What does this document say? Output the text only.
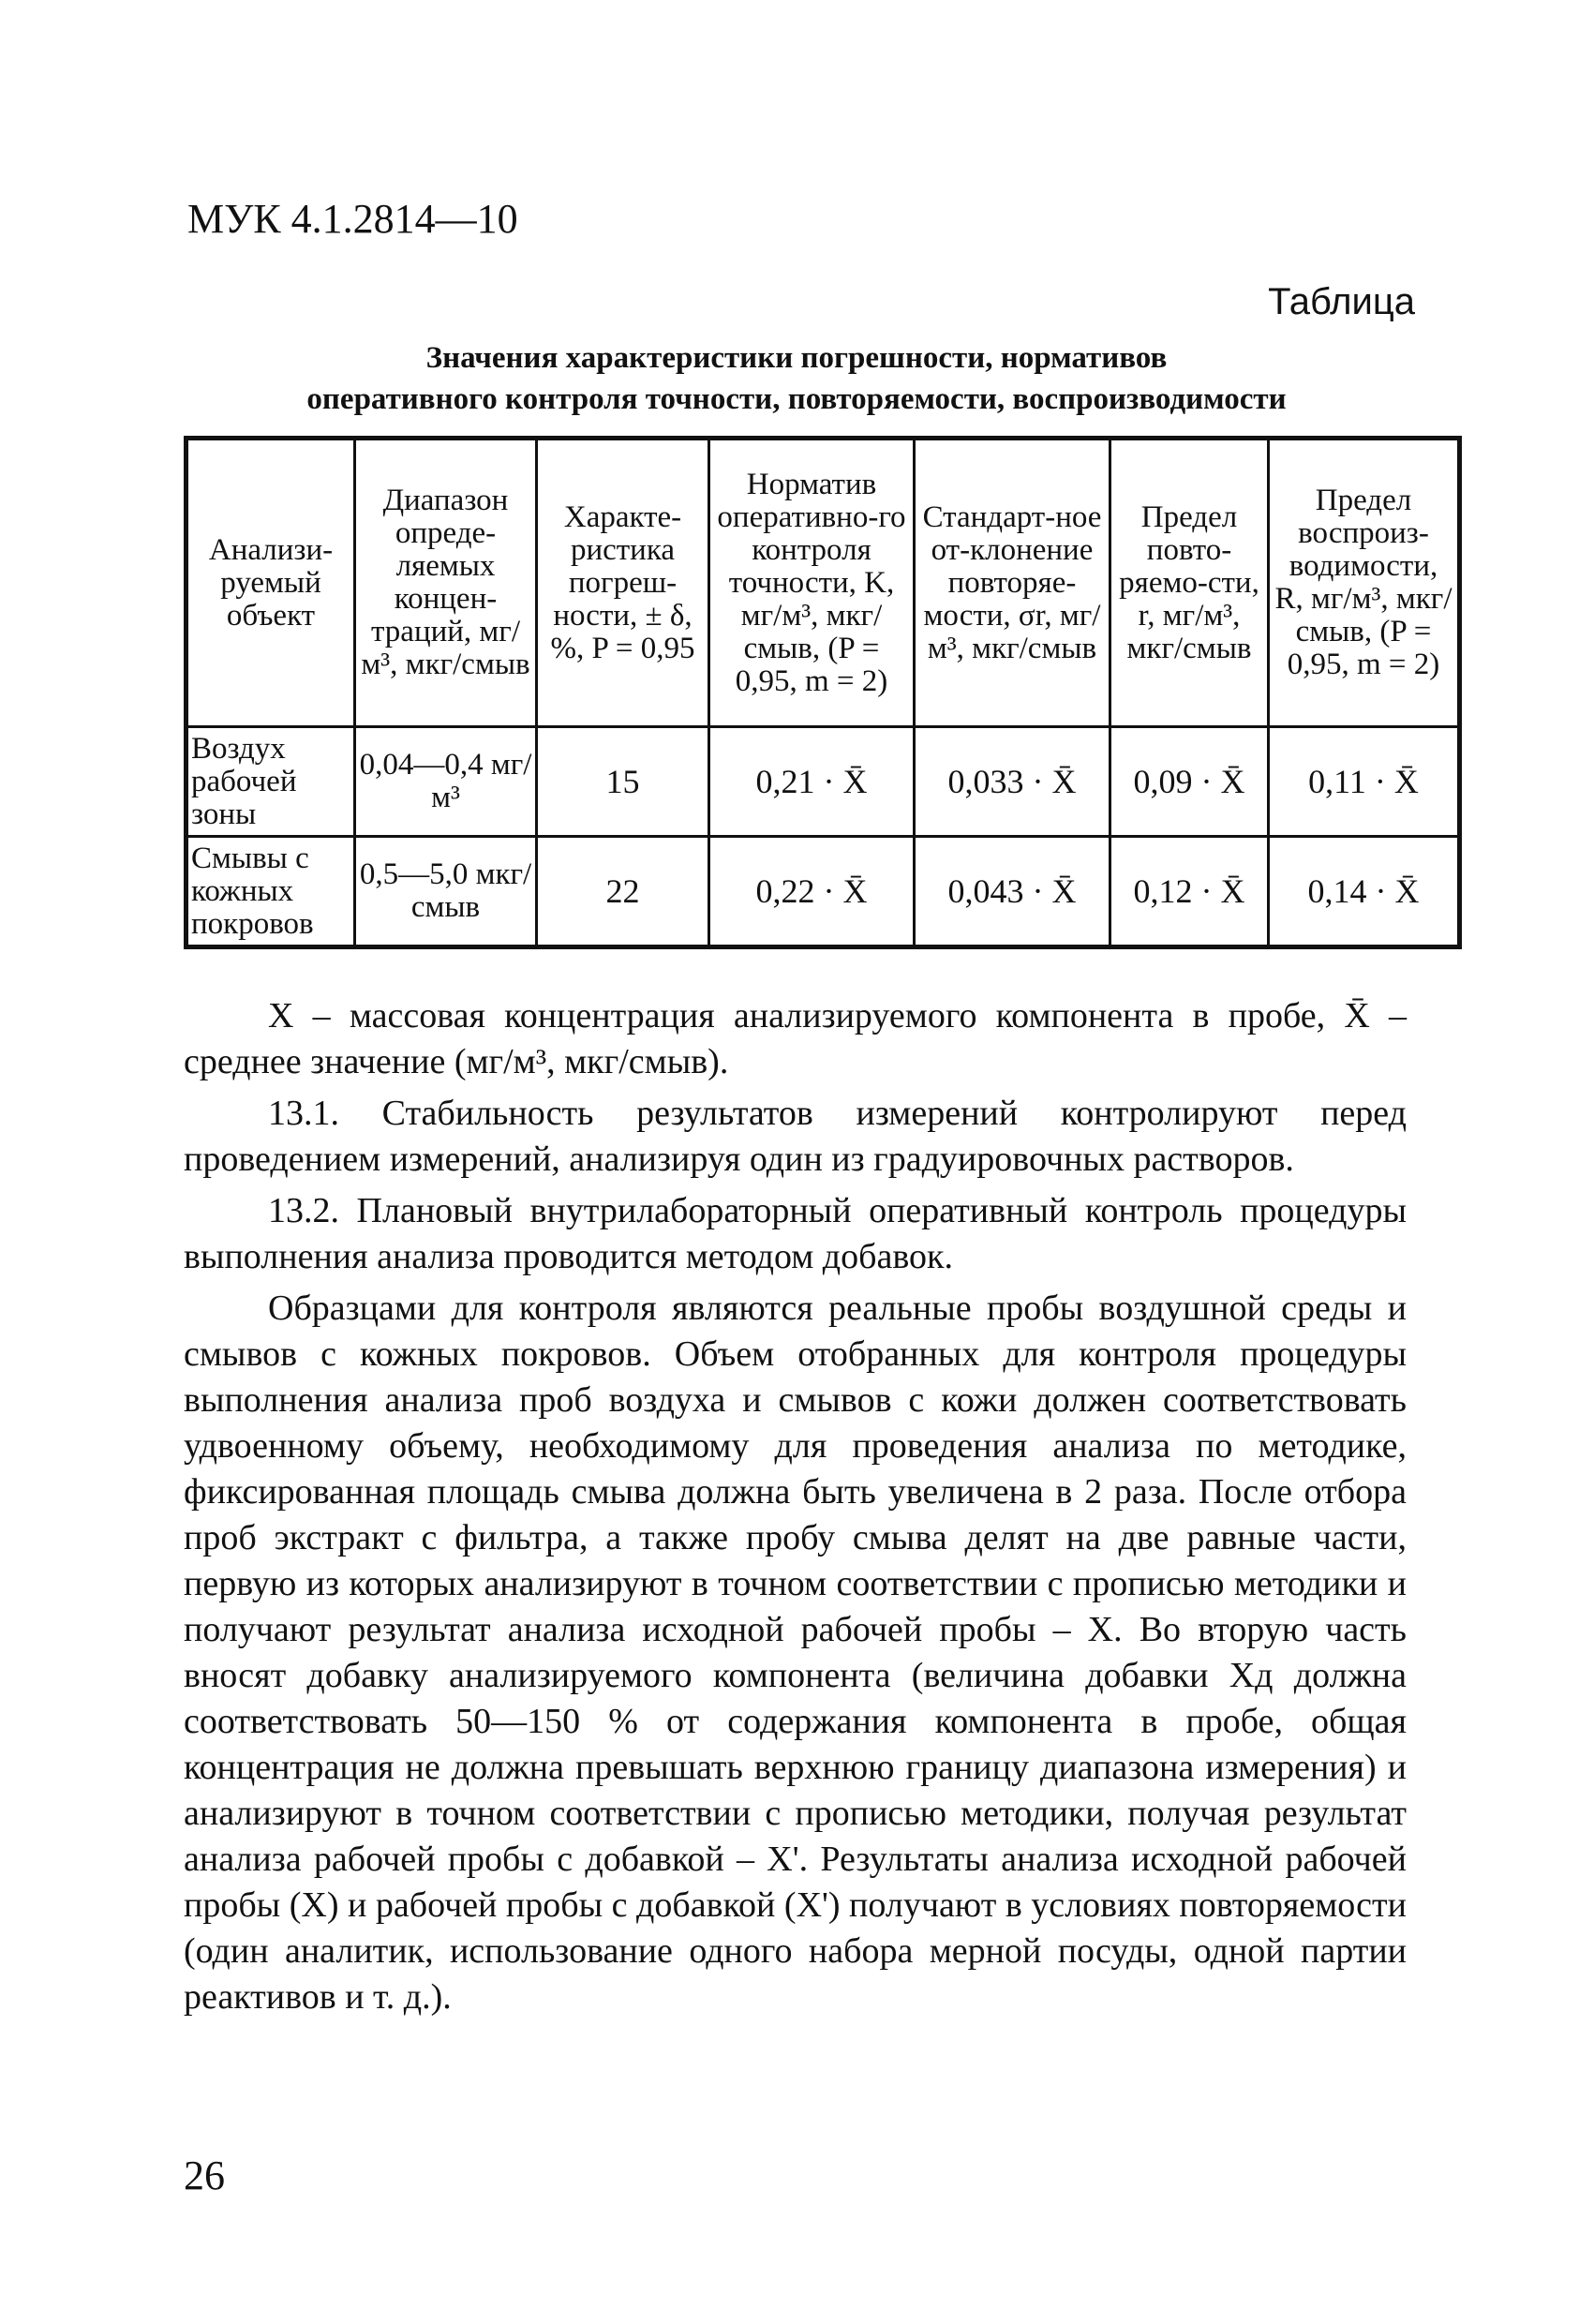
МУК 4.1.2814—10
Таблица
Значения характеристики погрешности, нормативов
оперативного контроля точности, повторяемости, воспроизводимости
Анализи-руемый объект	Диапазон опреде-ляемых концен-траций, мг/м³, мкг/смыв	Характе-ристика погреш-ности, ± δ, %, P = 0,95	Норматив оперативно-го контроля точности, K, мг/м³, мкг/смыв, (P = 0,95, m = 2)	Стандарт-ное от-клонение повторяе-мости, σr, мг/м³, мкг/смыв	Предел повто-ряемо-сти, r, мг/м³, мкг/смыв	Предел воспроиз-водимости, R, мг/м³, мкг/смыв, (P = 0,95, m = 2)
Воздух рабочей зоны	0,04—0,4 мг/м³	15	0,21 · X̄	0,033 · X̄	0,09 · X̄	0,11 · X̄
Смывы с кожных покровов	0,5—5,0 мкг/смыв	22	0,22 · X̄	0,043 · X̄	0,12 · X̄	0,14 · X̄

X – массовая концентрация анализируемого компонента в пробе, X̄ – среднее значение (мг/м³, мкг/смыв).

13.1. Стабильность результатов измерений контролируют перед проведением измерений, анализируя один из градуировочных растворов.

13.2. Плановый внутрилабораторный оперативный контроль процедуры выполнения анализа проводится методом добавок.

Образцами для контроля являются реальные пробы воздушной среды и смывов с кожных покровов. Объем отобранных для контроля процедуры выполнения анализа проб воздуха и смывов с кожи должен соответствовать удвоенному объему, необходимому для проведения анализа по методике, фиксированная площадь смыва должна быть увеличена в 2 раза. После отбора проб экстракт с фильтра, а также пробу смыва делят на две равные части, первую из которых анализируют в точном соответствии с прописью методики и получают результат анализа исходной рабочей пробы – X. Во вторую часть вносят добавку анализируемого компонента (величина добавки Xд должна соответствовать 50—150 % от содержания компонента в пробе, общая концентрация не должна превышать верхнюю границу диапазона измерения) и анализируют в точном соответствии с прописью методики, получая результат анализа рабочей пробы с добавкой – X'. Результаты анализа исходной рабочей пробы (X) и рабочей пробы с добавкой (X') получают в условиях повторяемости (один аналитик, использование одного набора мерной посуды, одной партии реактивов и т. д.).

26
